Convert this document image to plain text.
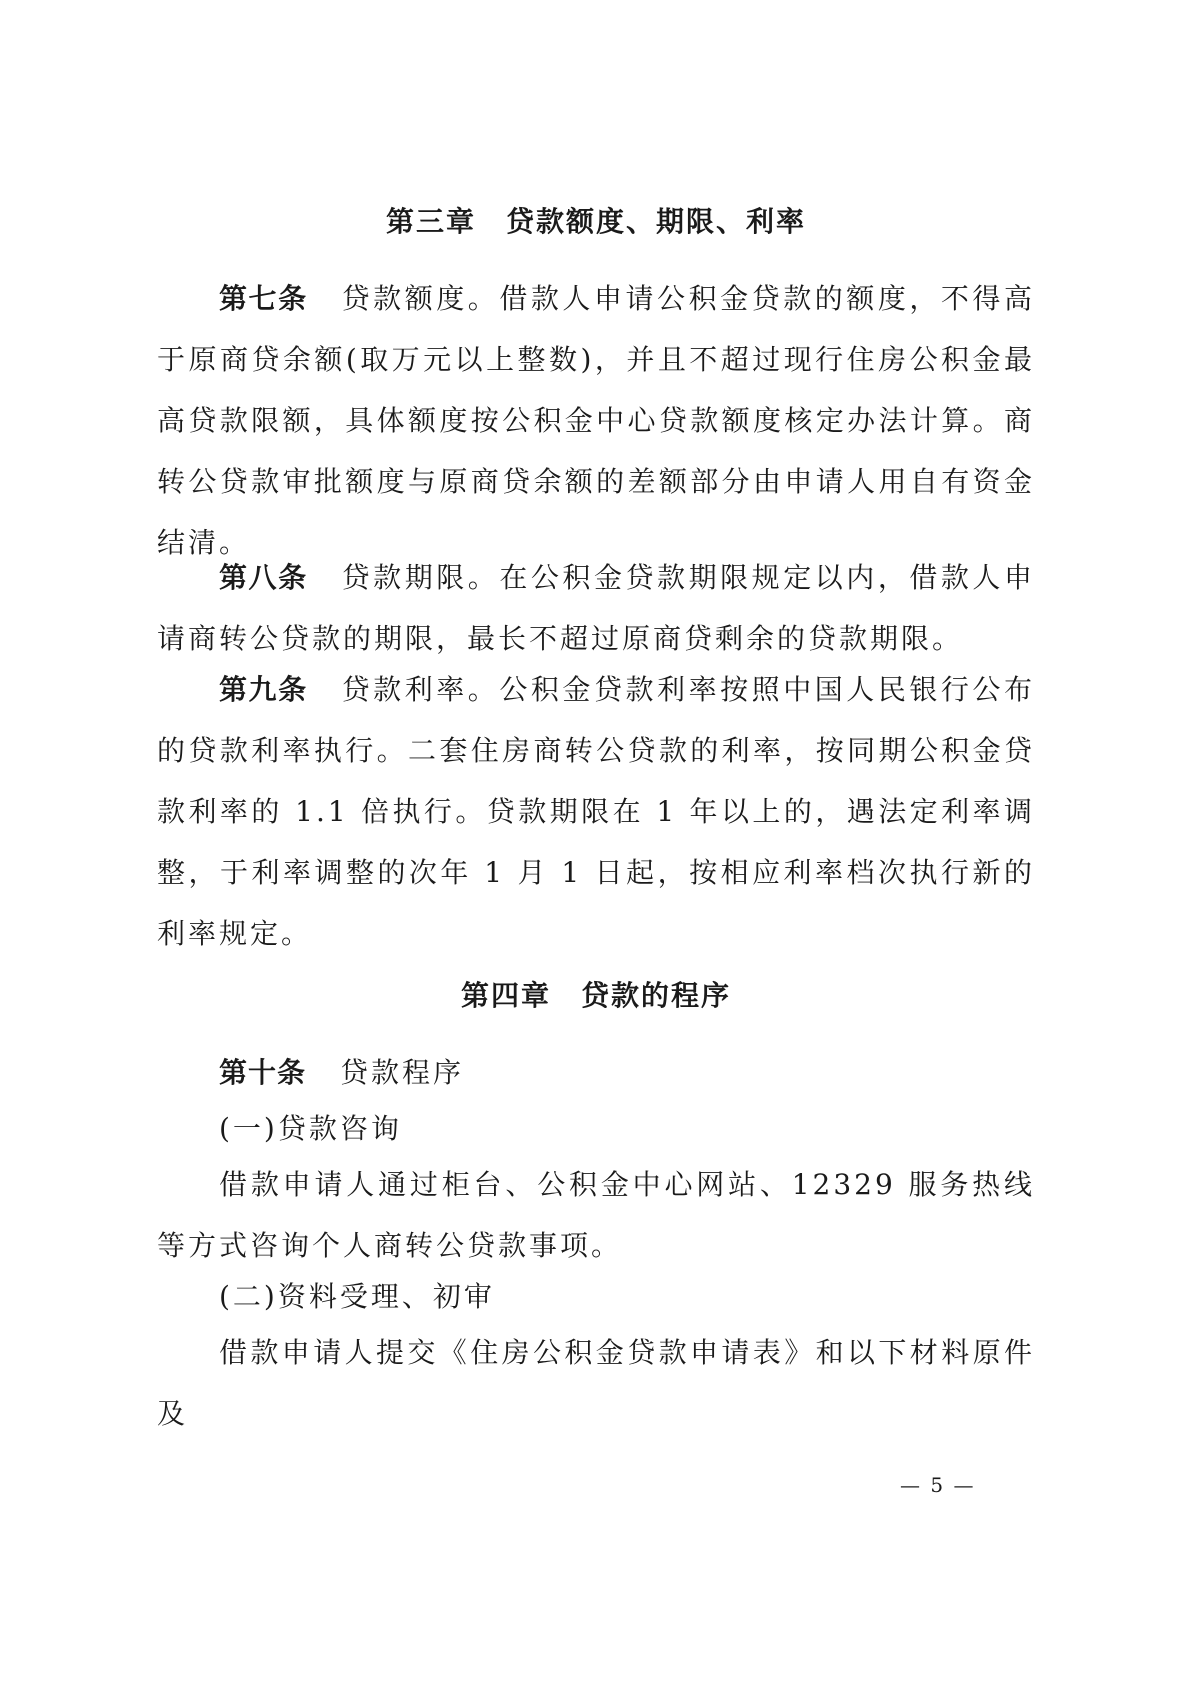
第三章　贷款额度、期限、利率
第七条 贷款额度。借款人申请公积金贷款的额度，不得高于原商贷余额(取万元以上整数)，并且不超过现行住房公积金最高贷款限额，具体额度按公积金中心贷款额度核定办法计算。商转公贷款审批额度与原商贷余额的差额部分由申请人用自有资金结清。
第八条 贷款期限。在公积金贷款期限规定以内，借款人申请商转公贷款的期限，最长不超过原商贷剩余的贷款期限。
第九条 贷款利率。公积金贷款利率按照中国人民银行公布的贷款利率执行。二套住房商转公贷款的利率，按同期公积金贷款利率的 1.1 倍执行。贷款期限在 1 年以上的，遇法定利率调整，于利率调整的次年 1 月 1 日起，按相应利率档次执行新的利率规定。
第四章　贷款的程序
第十条 贷款程序
(一)贷款咨询
借款申请人通过柜台、公积金中心网站、12329 服务热线等方式咨询个人商转公贷款事项。
(二)资料受理、初审
借款申请人提交《住房公积金贷款申请表》和以下材料原件及
— 5 —
